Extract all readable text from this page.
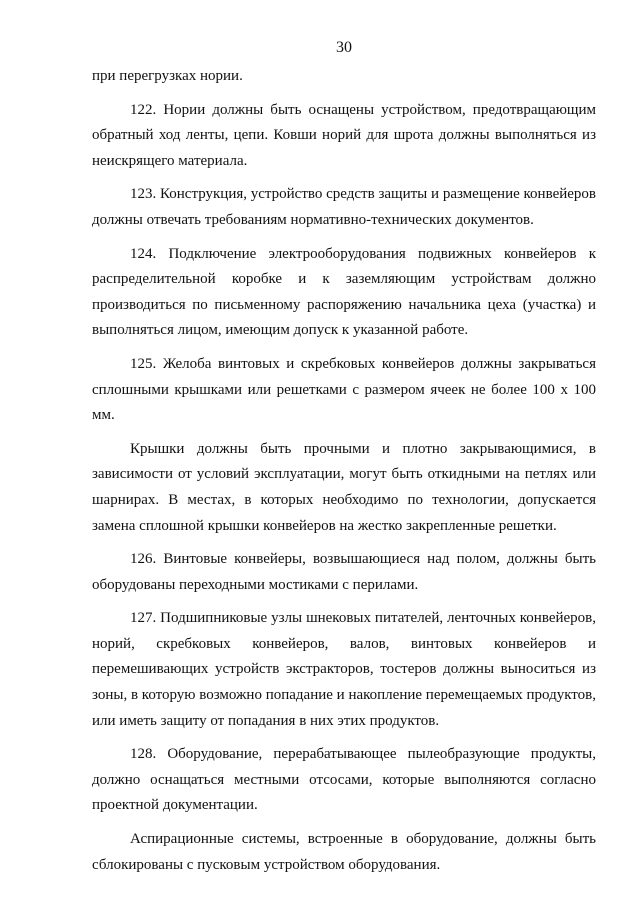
30

при перегрузках нории.

122. Нории должны быть оснащены устройством, предотвращающим обратный ход ленты, цепи. Ковши норий для шрота должны выполняться из неискрящего материала.

123. Конструкция, устройство средств защиты и размещение конвейеров должны отвечать требованиям нормативно-технических документов.

124. Подключение электрооборудования подвижных конвейеров к распределительной коробке и к заземляющим устройствам должно производиться по письменному распоряжению начальника цеха (участка) и выполняться лицом, имеющим допуск к указанной работе.

125. Желоба винтовых и скребковых конвейеров должны закрываться сплошными крышками или решетками с размером ячеек не более 100 х 100 мм.

Крышки должны быть прочными и плотно закрывающимися, в зависимости от условий эксплуатации, могут быть откидными на петлях или шарнирах. В местах, в которых необходимо по технологии, допускается замена сплошной крышки конвейеров на жестко закрепленные решетки.

126. Винтовые конвейеры, возвышающиеся над полом, должны быть оборудованы переходными мостиками с перилами.

127. Подшипниковые узлы шнековых питателей, ленточных конвейеров, норий, скребковых конвейеров, валов, винтовых конвейеров и перемешивающих устройств экстракторов, тостеров должны выноситься из зоны, в которую возможно попадание и накопление перемещаемых продуктов, или иметь защиту от попадания в них этих продуктов.

128. Оборудование, перерабатывающее пылеобразующие продукты, должно оснащаться местными отсосами, которые выполняются согласно проектной документации.

Аспирационные системы, встроенные в оборудование, должны быть сблокированы с пусковым устройством оборудования.
